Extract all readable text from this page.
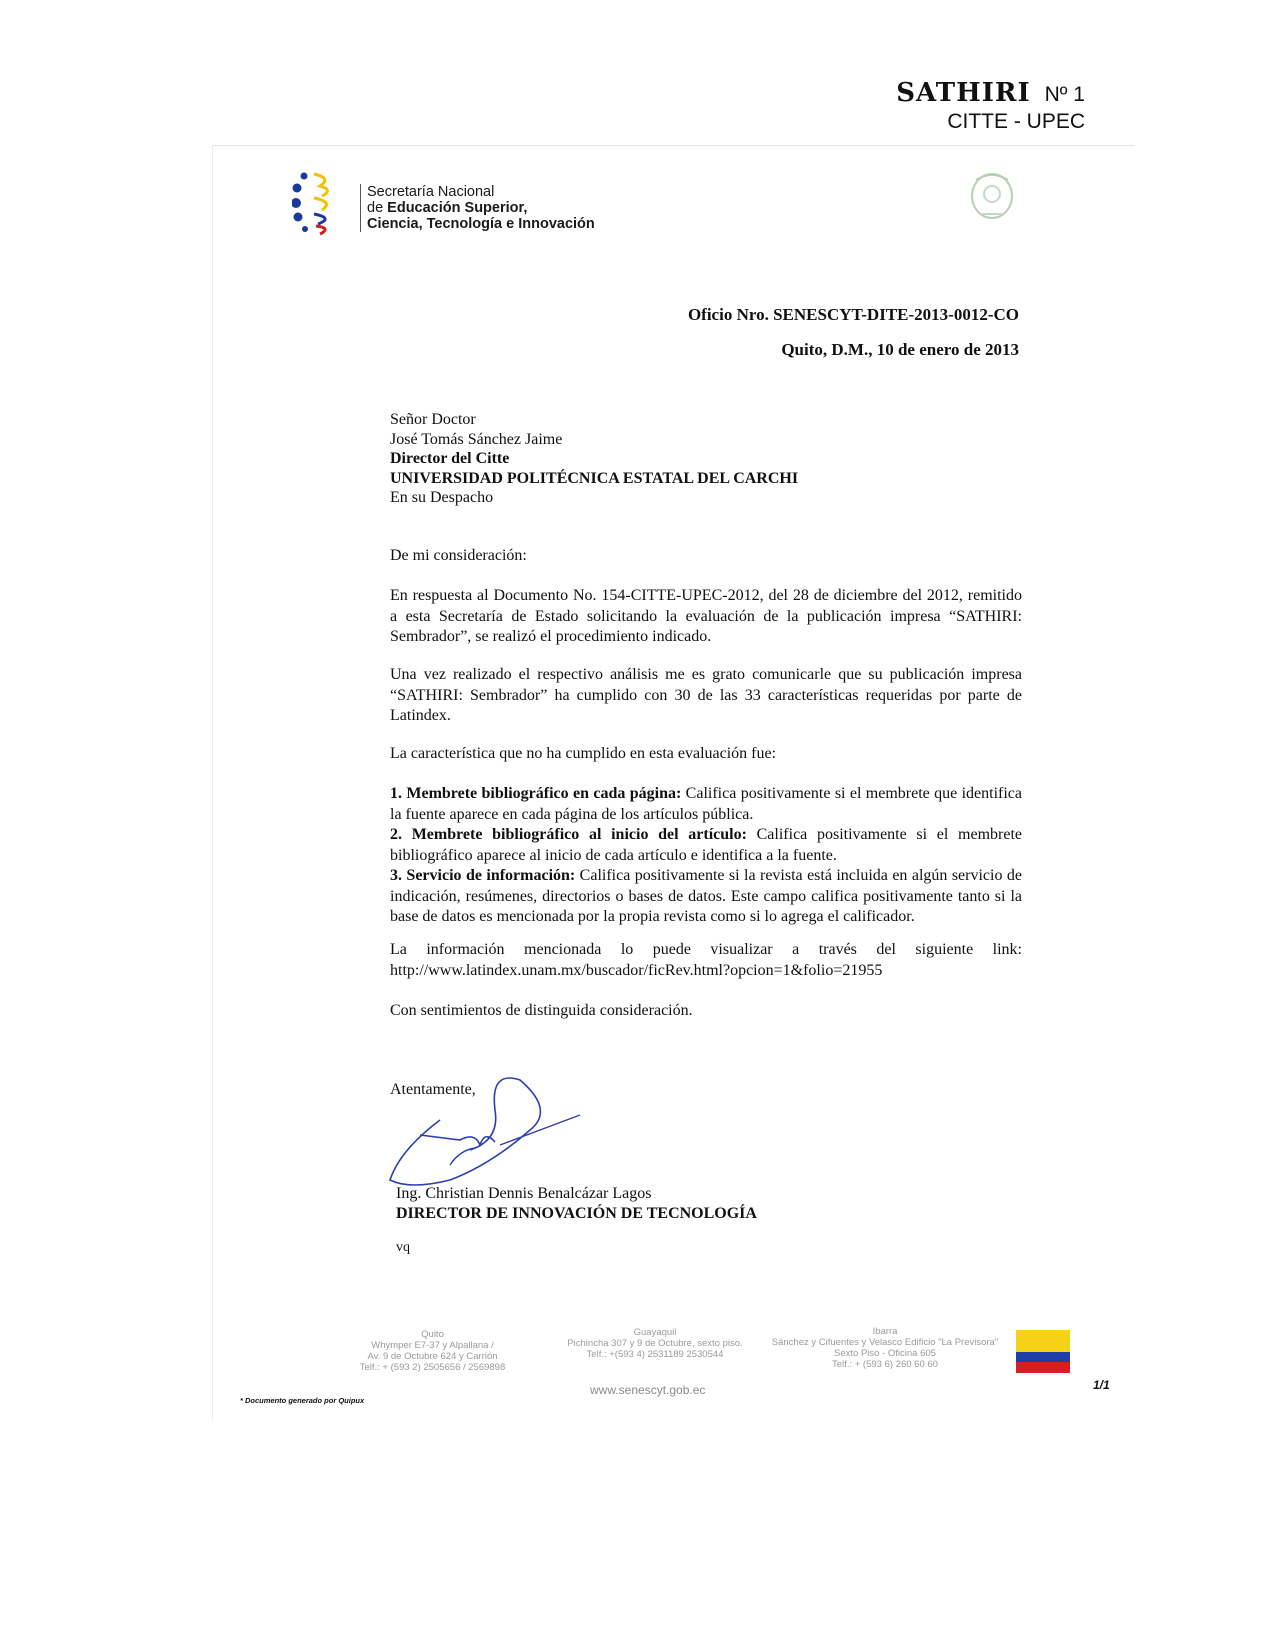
SATHIRI Nº 1
CITTE - UPEC
Secretaría Nacional
de Educación Superior,
Ciencia, Tecnología e Innovación
Oficio Nro. SENESCYT-DITE-2013-0012-CO
Quito, D.M., 10 de enero de 2013
Señor Doctor
José Tomás Sánchez Jaime
Director del Citte
UNIVERSIDAD POLITÉCNICA ESTATAL DEL CARCHI
En su Despacho
De mi consideración:
En respuesta al Documento No. 154-CITTE-UPEC-2012, del 28 de diciembre del 2012, remitido a esta Secretaría de Estado solicitando la evaluación de la publicación impresa “SATHIRI: Sembrador”, se realizó el procedimiento indicado.
Una vez realizado el respectivo análisis me es grato comunicarle que su publicación impresa “SATHIRI: Sembrador” ha cumplido con 30 de las 33 características requeridas por parte de Latindex.
La característica que no ha cumplido en esta evaluación fue:
1. Membrete bibliográfico en cada página: Califica positivamente si el membrete que identifica la fuente aparece en cada página de los artículos pública.
2. Membrete bibliográfico al inicio del artículo: Califica positivamente si el membrete bibliográfico aparece al inicio de cada artículo e identifica a la fuente.
3. Servicio de información: Califica positivamente si la revista está incluida en algún servicio de indicación, resúmenes, directorios o bases de datos. Este campo califica positivamente tanto si la base de datos es mencionada por la propia revista como si lo agrega el calificador.
La información mencionada lo puede visualizar a través del siguiente link:
http://www.latindex.unam.mx/buscador/ficRev.html?opcion=1&folio=21955
Con sentimientos de distinguida consideración.
Atentamente,
Ing. Christian Dennis Benalcázar Lagos
DIRECTOR DE INNOVACIÓN DE TECNOLOGÍA
vq
Quito
Whymper E7-37 y Alpallana /
Av. 9 de Octubre 624 y Carrión
Telf.: + (593 2) 2505656 / 2569898
Guayaquil
Pichincha 307 y 9 de Octubre, sexto piso.
Telf.: +(593 4) 2531189 2530544
Ibarra
Sánchez y Cifuentes y Velasco Edificio "La Previsora"
Sexto Piso - Oficina 605
Telf.: + (593 6) 260 60 60
www.senescyt.gob.ec	1/1
* Documento generado por Quipux
